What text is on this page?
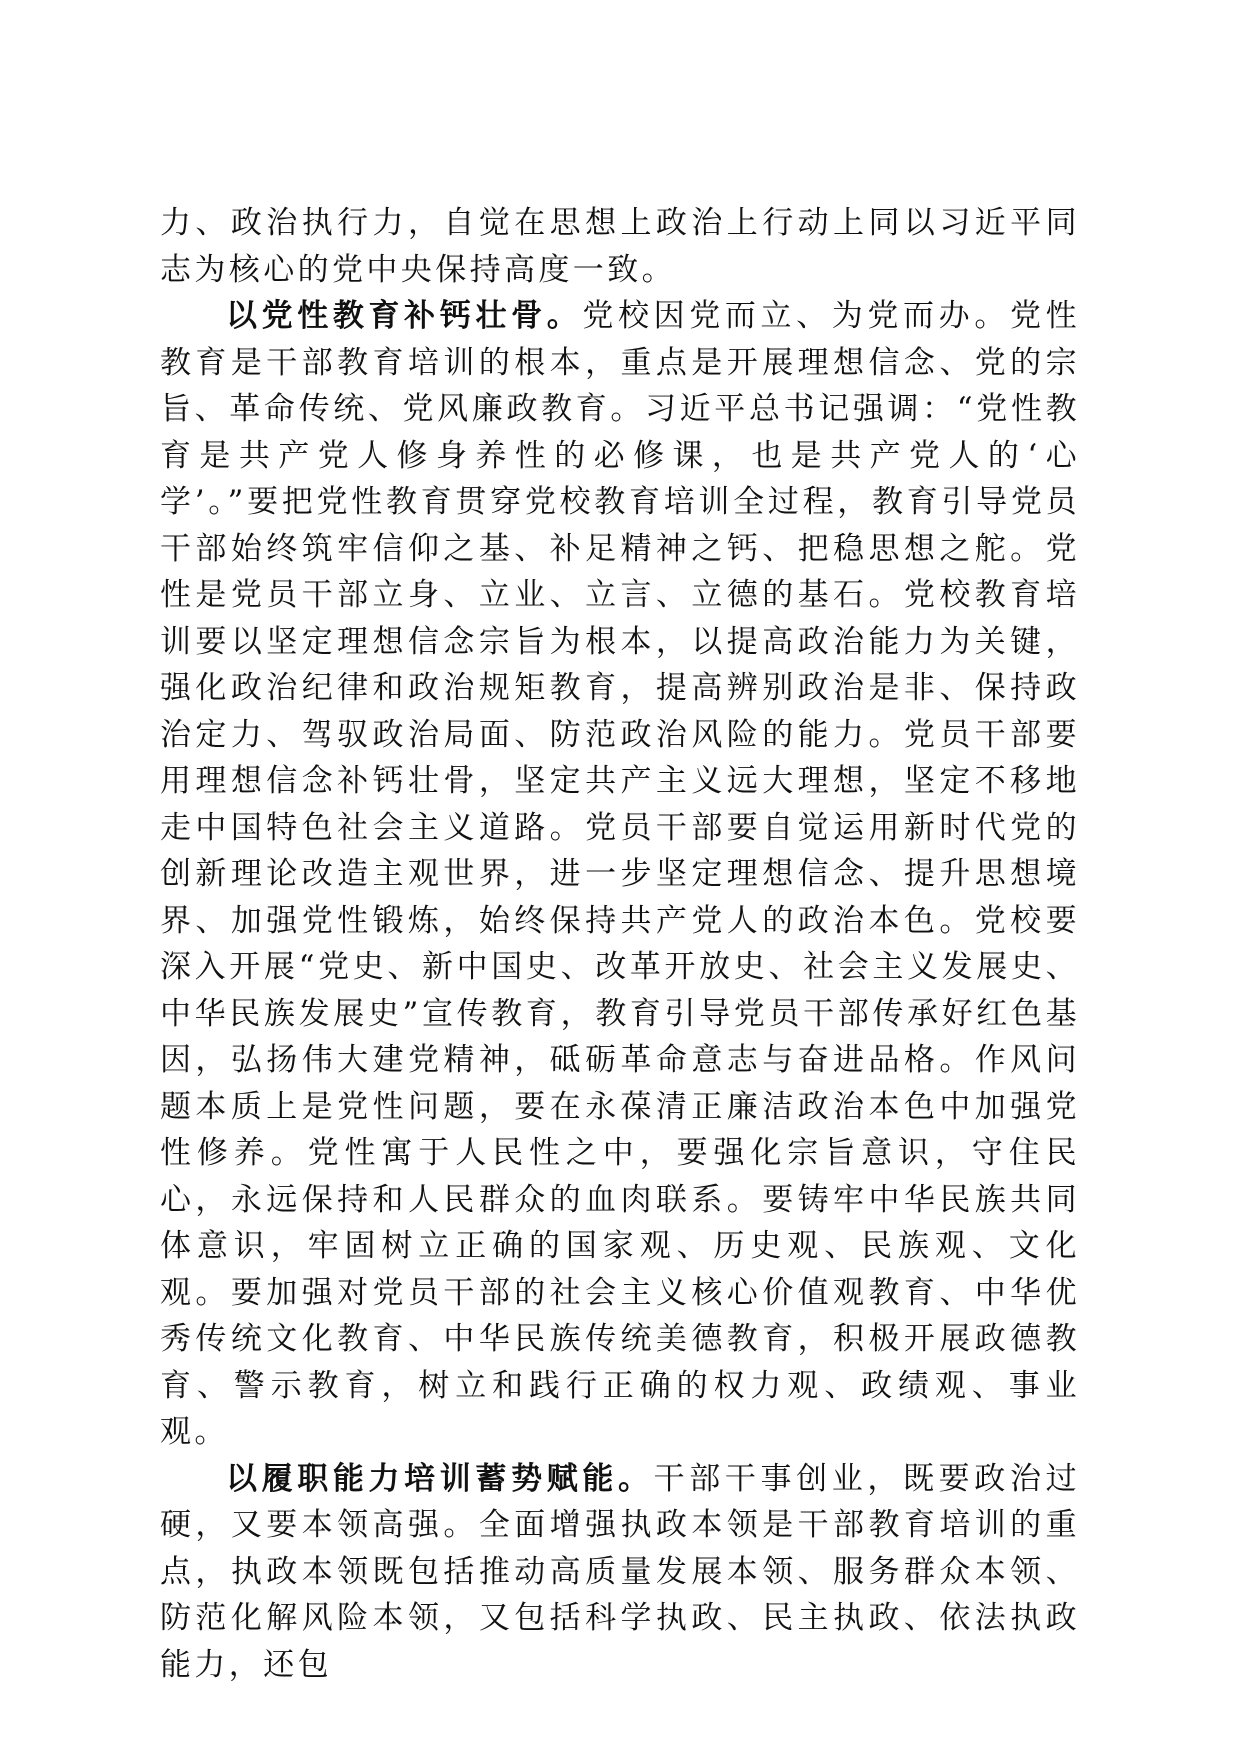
力、政治执行力，自觉在思想上政治上行动上同以习近平同志为核心的党中央保持高度一致。

以党性教育补钙壮骨。党校因党而立、为党而办。党性教育是干部教育培训的根本，重点是开展理想信念、党的宗旨、革命传统、党风廉政教育。习近平总书记强调：“党性教育是共产党人修身养性的必修课，也是共产党人的‘心学’。”要把党性教育贯穿党校教育培训全过程，教育引导党员干部始终筑牢信仰之基、补足精神之钙、把稳思想之舵。党性是党员干部立身、立业、立言、立德的基石。党校教育培训要以坚定理想信念宗旨为根本，以提高政治能力为关键，强化政治纪律和政治规矩教育，提高辨别政治是非、保持政治定力、驾驭政治局面、防范政治风险的能力。党员干部要用理想信念补钙壮骨，坚定共产主义远大理想，坚定不移地走中国特色社会主义道路。党员干部要自觉运用新时代党的创新理论改造主观世界，进一步坚定理想信念、提升思想境界、加强党性锻炼，始终保持共产党人的政治本色。党校要深入开展“党史、新中国史、改革开放史、社会主义发展史、中华民族发展史”宣传教育，教育引导党员干部传承好红色基因，弘扬伟大建党精神，砥砺革命意志与奋进品格。作风问题本质上是党性问题，要在永葆清正廉洁政治本色中加强党性修养。党性寓于人民性之中，要强化宗旨意识，守住民心，永远保持和人民群众的血肉联系。要铸牢中华民族共同体意识，牢固树立正确的国家观、历史观、民族观、文化观。要加强对党员干部的社会主义核心价值观教育、中华优秀传统文化教育、中华民族传统美德教育，积极开展政德教育、警示教育，树立和践行正确的权力观、政绩观、事业观。

以履职能力培训蓄势赋能。干部干事创业，既要政治过硬，又要本领高强。全面增强执政本领是干部教育培训的重点，执政本领既包括推动高质量发展本领、服务群众本领、防范化解风险本领，又包括科学执政、民主执政、依法执政能力，还包
